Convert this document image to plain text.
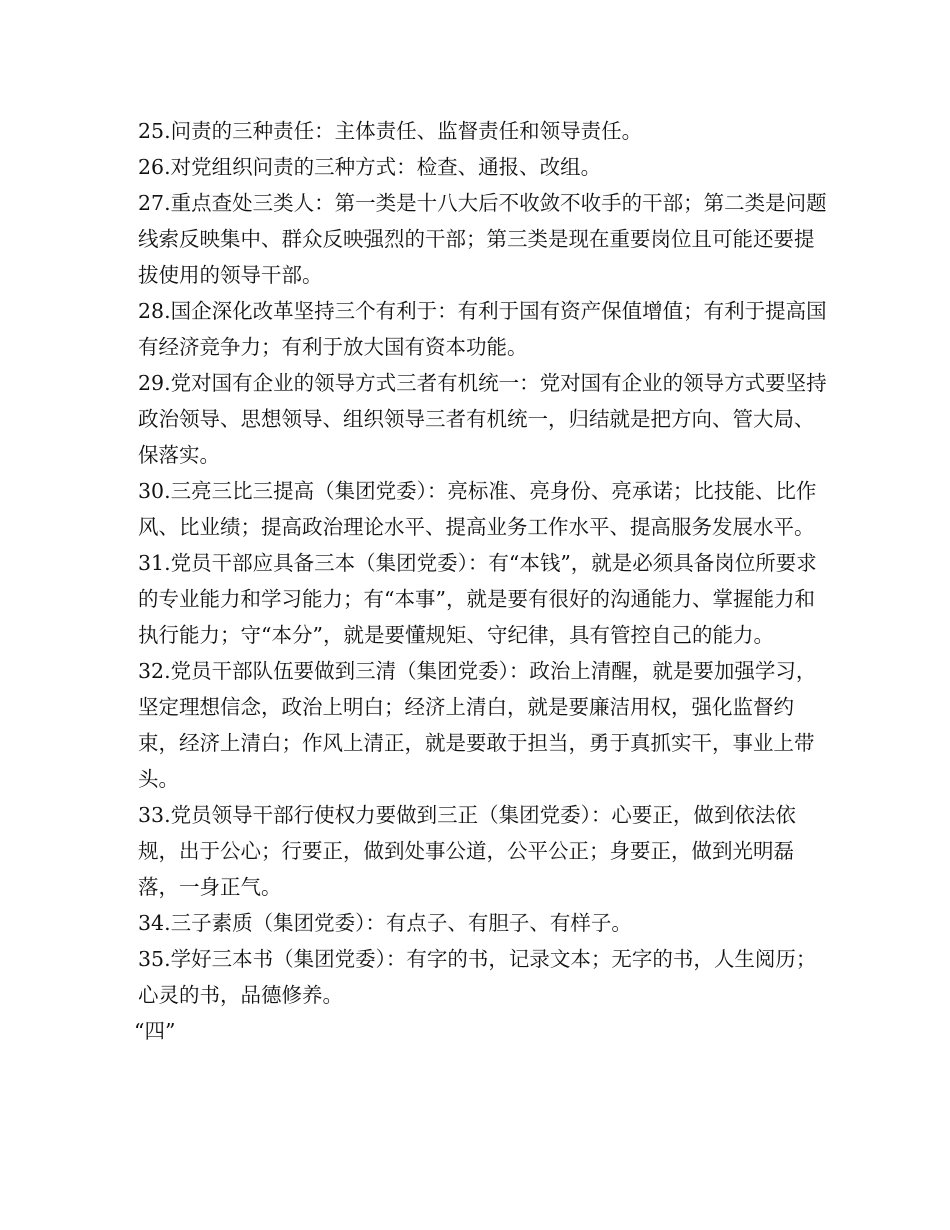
25.问责的三种责任：主体责任、监督责任和领导责任。

26.对党组织问责的三种方式：检查、通报、改组。

27.重点查处三类人：第一类是十八大后不收敛不收手的干部；第二类是问题线索反映集中、群众反映强烈的干部；第三类是现在重要岗位且可能还要提拔使用的领导干部。

28.国企深化改革坚持三个有利于：有利于国有资产保值增值；有利于提高国有经济竞争力；有利于放大国有资本功能。

29.党对国有企业的领导方式三者有机统一：党对国有企业的领导方式要坚持政治领导、思想领导、组织领导三者有机统一，归结就是把方向、管大局、保落实。

30.三亮三比三提高（集团党委）：亮标准、亮身份、亮承诺；比技能、比作风、比业绩；提高政治理论水平、提高业务工作水平、提高服务发展水平。

31.党员干部应具备三本（集团党委）：有“本钱”，就是必须具备岗位所要求的专业能力和学习能力；有“本事”，就是要有很好的沟通能力、掌握能力和执行能力；守“本分”，就是要懂规矩、守纪律，具有管控自己的能力。

32.党员干部队伍要做到三清（集团党委）：政治上清醒，就是要加强学习，坚定理想信念，政治上明白；经济上清白，就是要廉洁用权，强化监督约束，经济上清白；作风上清正，就是要敢于担当，勇于真抓实干，事业上带头。

33.党员领导干部行使权力要做到三正（集团党委）：心要正，做到依法依规，出于公心；行要正，做到处事公道，公平公正；身要正，做到光明磊落，一身正气。

34.三子素质（集团党委）：有点子、有胆子、有样子。

35.学好三本书（集团党委）：有字的书，记录文本；无字的书，人生阅历；心灵的书，品德修养。

“四”
